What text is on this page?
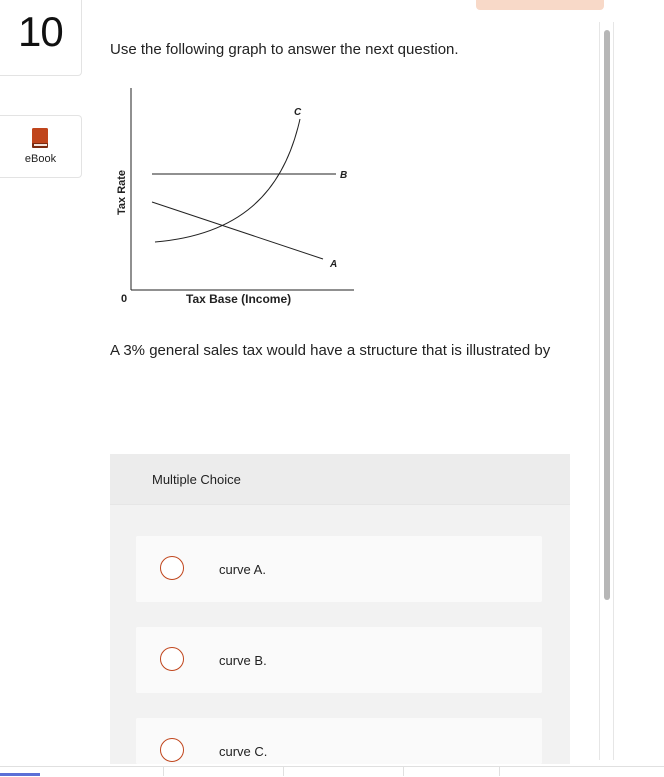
10
eBook
Use the following graph to answer the next question.
C
B
A
0	Tax Base (Income)
Tax Rate
A 3% general sales tax would have a structure that is illustrated by
Multiple Choice
curve A.
curve B.
curve C.
